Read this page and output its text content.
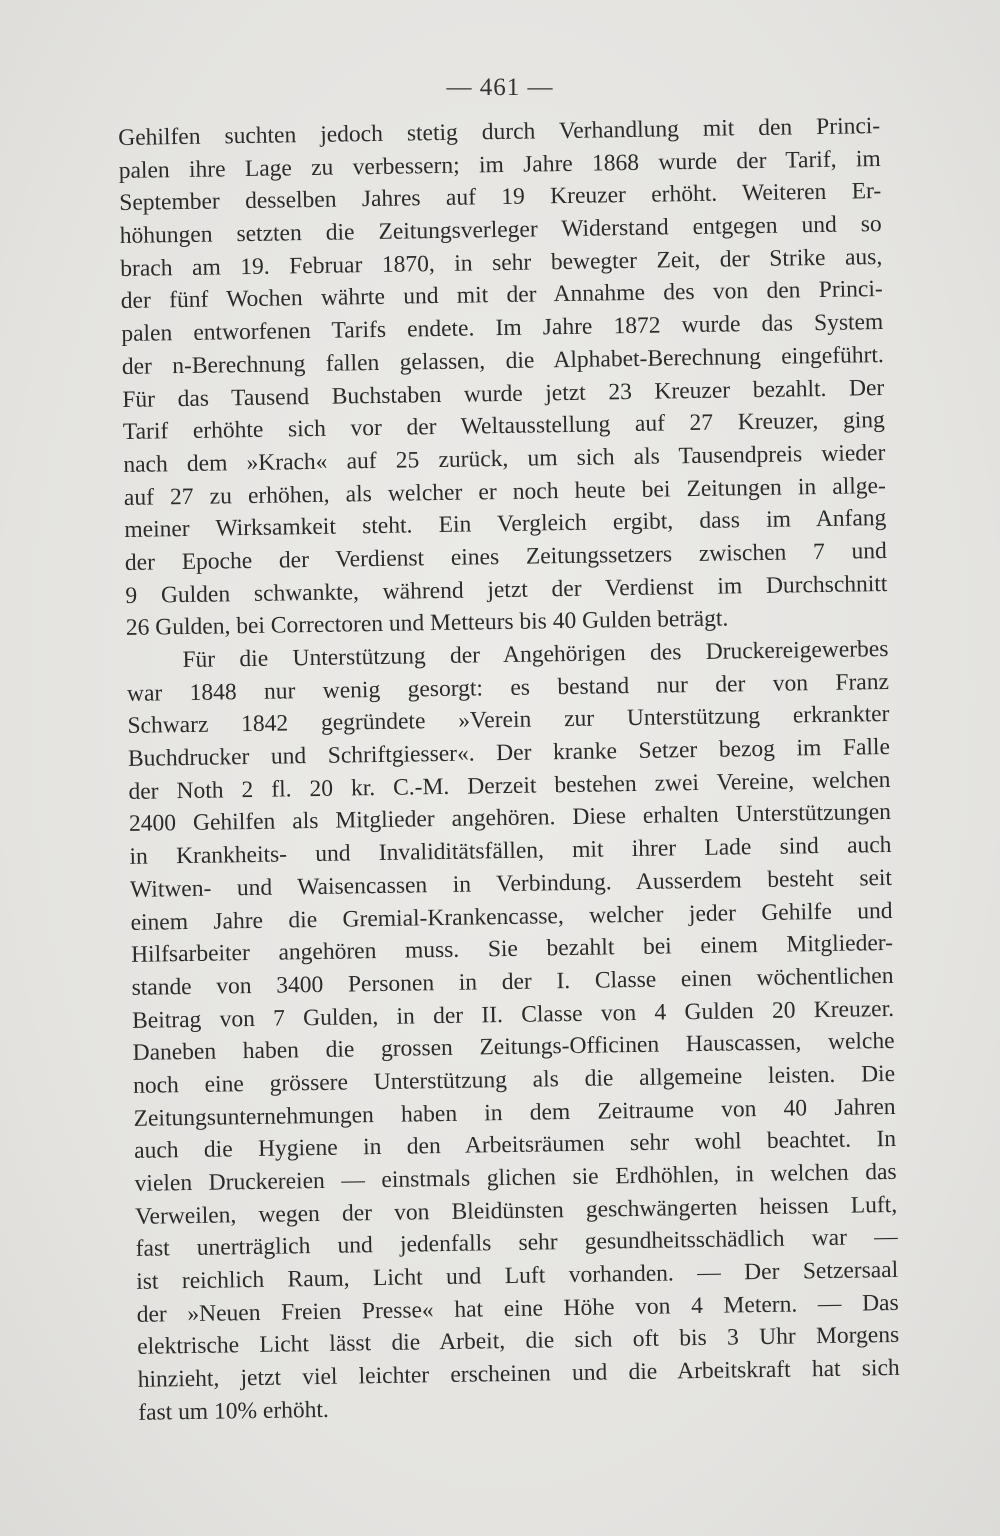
— 461 —
Gehilfen suchten jedoch stetig durch Verhandlung mit den Princi-
palen ihre Lage zu verbessern; im Jahre 1868 wurde der Tarif, im
September desselben Jahres auf 19 Kreuzer erhöht. Weiteren Er-
höhungen setzten die Zeitungsverleger Widerstand entgegen und so
brach am 19. Februar 1870, in sehr bewegter Zeit, der Strike aus,
der fünf Wochen währte und mit der Annahme des von den Princi-
palen entworfenen Tarifs endete. Im Jahre 1872 wurde das System
der n-Berechnung fallen gelassen, die Alphabet-Berechnung eingeführt.
Für das Tausend Buchstaben wurde jetzt 23 Kreuzer bezahlt. Der
Tarif erhöhte sich vor der Weltausstellung auf 27 Kreuzer, ging
nach dem »Krach« auf 25 zurück, um sich als Tausendpreis wieder
auf 27 zu erhöhen, als welcher er noch heute bei Zeitungen in allge-
meiner Wirksamkeit steht. Ein Vergleich ergibt, dass im Anfang
der Epoche der Verdienst eines Zeitungssetzers zwischen 7 und
9 Gulden schwankte, während jetzt der Verdienst im Durchschnitt
26 Gulden, bei Correctoren und Metteurs bis 40 Gulden beträgt.
Für die Unterstützung der Angehörigen des Druckereigewerbes
war 1848 nur wenig gesorgt: es bestand nur der von Franz
Schwarz 1842 gegründete »Verein zur Unterstützung erkrankter
Buchdrucker und Schriftgiesser«. Der kranke Setzer bezog im Falle
der Noth 2 fl. 20 kr. C.-M. Derzeit bestehen zwei Vereine, welchen
2400 Gehilfen als Mitglieder angehören. Diese erhalten Unterstützungen
in Krankheits- und Invaliditätsfällen, mit ihrer Lade sind auch
Witwen- und Waisencassen in Verbindung. Ausserdem besteht seit
einem Jahre die Gremial-Krankencasse, welcher jeder Gehilfe und
Hilfsarbeiter angehören muss. Sie bezahlt bei einem Mitglieder-
stande von 3400 Personen in der I. Classe einen wöchentlichen
Beitrag von 7 Gulden, in der II. Classe von 4 Gulden 20 Kreuzer.
Daneben haben die grossen Zeitungs-Officinen Hauscassen, welche
noch eine grössere Unterstützung als die allgemeine leisten. Die
Zeitungsunternehmungen haben in dem Zeitraume von 40 Jahren
auch die Hygiene in den Arbeitsräumen sehr wohl beachtet. In
vielen Druckereien — einstmals glichen sie Erdhöhlen, in welchen das
Verweilen, wegen der von Bleidünsten geschwängerten heissen Luft,
fast unerträglich und jedenfalls sehr gesundheitsschädlich war —
ist reichlich Raum, Licht und Luft vorhanden. — Der Setzersaal
der »Neuen Freien Presse« hat eine Höhe von 4 Metern. — Das
elektrische Licht lässt die Arbeit, die sich oft bis 3 Uhr Morgens
hinzieht, jetzt viel leichter erscheinen und die Arbeitskraft hat sich
fast um 10% erhöht.
